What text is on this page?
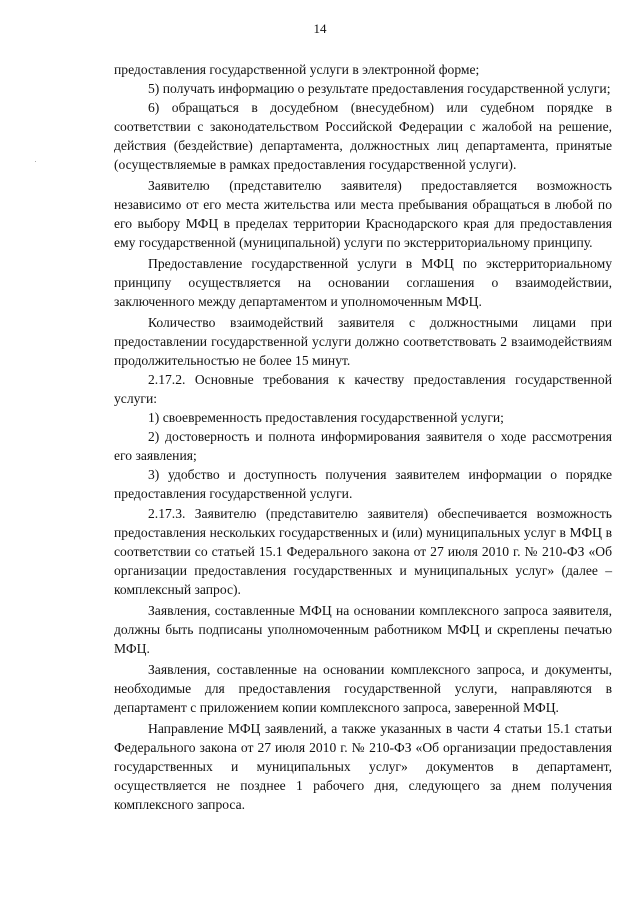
14

предоставления государственной услуги в электронной форме;

5) получать информацию о результате предоставления государственной услуги;

6) обращаться в досудебном (внесудебном) или судебном порядке в соответствии с законодательством Российской Федерации с жалобой на решение, действия (бездействие) департамента, должностных лиц департамента, принятые (осуществляемые в рамках предоставления государственной услуги).

Заявителю (представителю заявителя) предоставляется возможность независимо от его места жительства или места пребывания обращаться в любой по его выбору МФЦ в пределах территории Краснодарского края для предоставления ему государственной (муниципальной) услуги по экстерриториальному принципу.

Предоставление государственной услуги в МФЦ по экстерриториальному принципу осуществляется на основании соглашения о взаимодействии, заключенного между департаментом и уполномоченным МФЦ.

Количество взаимодействий заявителя с должностными лицами при предоставлении государственной услуги должно соответствовать 2 взаимодействиям продолжительностью не более 15 минут.

2.17.2. Основные требования к качеству предоставления государственной услуги:

1) своевременность предоставления государственной услуги;

2) достоверность и полнота информирования заявителя о ходе рассмотрения его заявления;

3) удобство и доступность получения заявителем информации о порядке предоставления государственной услуги.

2.17.3. Заявителю (представителю заявителя) обеспечивается возможность предоставления нескольких государственных и (или) муниципальных услуг в МФЦ в соответствии со статьей 15.1 Федерального закона от 27 июля 2010 г. № 210-ФЗ «Об организации предоставления государственных и муниципальных услуг» (далее – комплексный запрос).

Заявления, составленные МФЦ на основании комплексного запроса заявителя, должны быть подписаны уполномоченным работником МФЦ и скреплены печатью МФЦ.

Заявления, составленные на основании комплексного запроса, и документы, необходимые для предоставления государственной услуги, направляются в департамент с приложением копии комплексного запроса, заверенной МФЦ.

Направление МФЦ заявлений, а также указанных в части 4 статьи 15.1 статьи Федерального закона от 27 июля 2010 г. № 210-ФЗ «Об организации предоставления государственных и муниципальных услуг» документов в департамент, осуществляется не позднее 1 рабочего дня, следующего за днем получения комплексного запроса.
